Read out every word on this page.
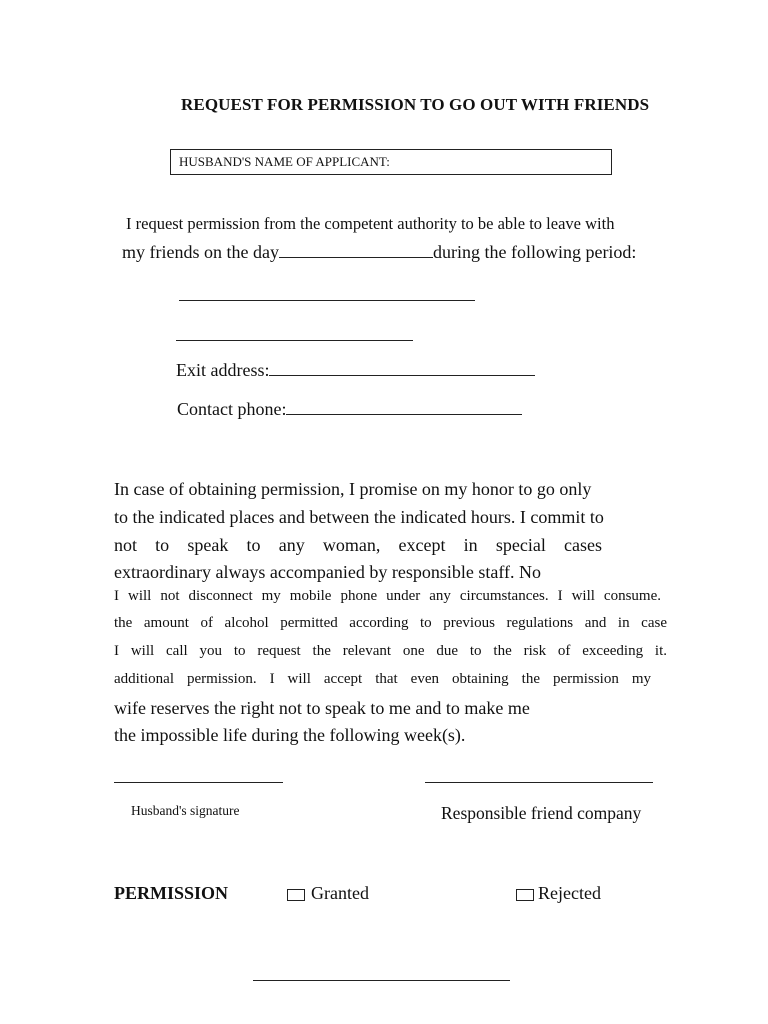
REQUEST FOR PERMISSION TO GO OUT WITH FRIENDS
HUSBAND'S NAME OF APPLICANT:
I request permission from the competent authority to be able to leave with
my friends on the day	during the following period:
Exit address:
Contact phone:
In case of obtaining permission, I promise on my honor to go only
to the indicated places and between the indicated hours. I commit to
not to speak to any woman, except in special cases
extraordinary always accompanied by responsible staff. No
I will not disconnect my mobile phone under any circumstances. I will consume.
the amount of alcohol permitted according to previous regulations and in case
I will call you to request the relevant one due to the risk of exceeding it.
additional permission. I will accept that even obtaining the permission my
wife reserves the right not to speak to me and to make me
the impossible life during the following week(s).
Husband's signature	Responsible friend company
PERMISSION	Granted	Rejected
